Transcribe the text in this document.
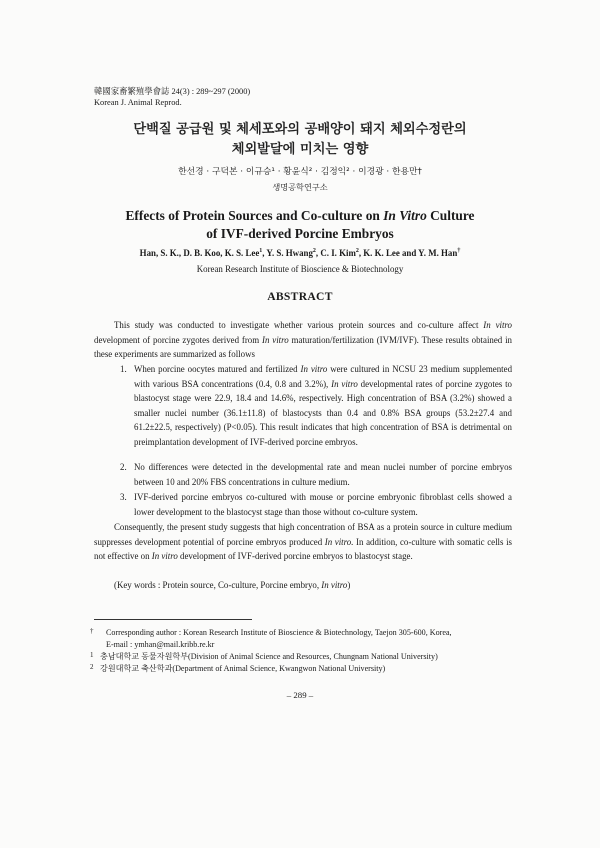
韓國家畜繁殖學會誌 24(3) : 289~297 (2000)
Korean J. Animal Reprod.
단백질 공급원 및 체세포와의 공배양이 돼지 체외수정란의
체외발달에 미치는 영향
한선경 · 구덕본 · 이규승¹ · 황윤식² · 김정익² · 이경광 · 한용만†
생명공학연구소
Effects of Protein Sources and Co-culture on In Vitro Culture
of IVF-derived Porcine Embryos
Han, S. K., D. B. Koo, K. S. Lee$^1$, Y. S. Hwang$^2$, C. I. Kim$^2$, K. K. Lee and Y. M. Han†
Korean Research Institute of Bioscience & Biotechnology
ABSTRACT
This study was conducted to investigate whether various protein sources and co-culture affect In vitro development of porcine zygotes derived from In vitro maturation/fertilization (IVM/IVF). These results obtained in these experiments are summarized as follows
1. When porcine oocytes matured and fertilized In vitro were cultured in NCSU 23 medium supplemented with various BSA concentrations (0.4, 0.8 and 3.2%), In vitro developmental rates of porcine zygotes to blastocyst stage were 22.9, 18.4 and 14.6%, respectively. High concentration of BSA (3.2%) showed a smaller nuclei number (36.1±11.8) of blastocysts than 0.4 and 0.8% BSA groups (53.2±27.4 and 61.2±22.5, respectively) (P<0.05). This result indicates that high concentration of BSA is detrimental on preimplantation development of IVF-derived porcine embryos.
2. No differences were detected in the developmental rate and mean nuclei number of porcine embryos between 10 and 20% FBS concentrations in culture medium.
3. IVF-derived porcine embryos co-cultured with mouse or porcine embryonic fibroblast cells showed a lower development to the blastocyst stage than those without co-culture system.
Consequently, the present study suggests that high concentration of BSA as a protein source in culture medium suppresses development potential of porcine embryos produced In vitro. In addition, co-culture with somatic cells is not effective on In vitro development of IVF-derived porcine embryos to blastocyst stage.
(Key words : Protein source, Co-culture, Porcine embryo, In vitro)
† Corresponding author : Korean Research Institute of Bioscience & Biotechnology, Taejon 305-600, Korea,
E-mail : ymhan@mail.kribb.re.kr
1 충남대학교 동물자원학부(Division of Animal Science and Resources, Chungnam National University)
2 강원대학교 축산학과(Department of Animal Science, Kwangwon National University)
– 289 –
